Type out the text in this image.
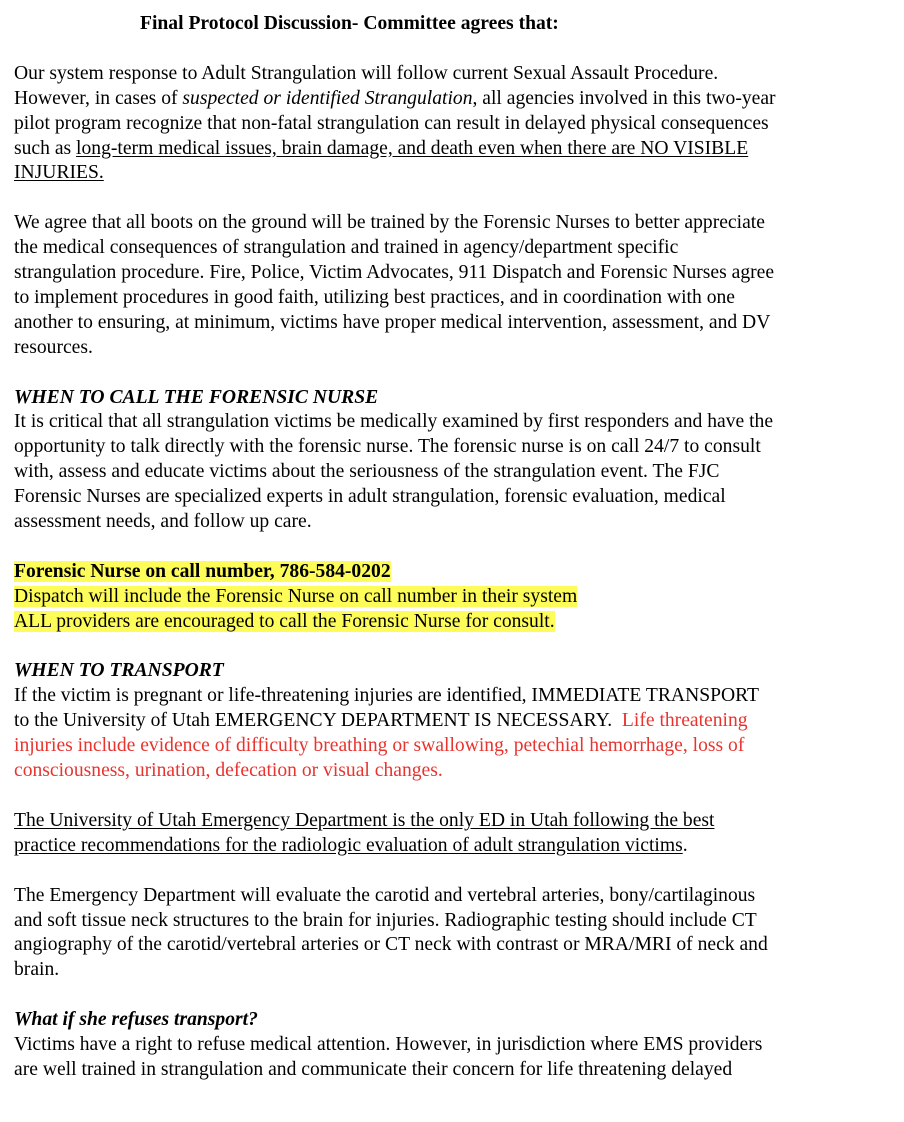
Final Protocol Discussion- Committee agrees that:
Our system response to Adult Strangulation will follow current Sexual Assault Procedure.
However, in cases of suspected or identified Strangulation, all agencies involved in this two-year
pilot program recognize that non-fatal strangulation can result in delayed physical consequences
such as long-term medical issues, brain damage, and death even when there are NO VISIBLE
INJURIES.
We agree that all boots on the ground will be trained by the Forensic Nurses to better appreciate
the medical consequences of strangulation and trained in agency/department specific
strangulation procedure. Fire, Police, Victim Advocates, 911 Dispatch and Forensic Nurses agree
to implement procedures in good faith, utilizing best practices, and in coordination with one
another to ensuring, at minimum, victims have proper medical intervention, assessment, and DV
resources.
WHEN TO CALL THE FORENSIC NURSE
It is critical that all strangulation victims be medically examined by first responders and have the
opportunity to talk directly with the forensic nurse. The forensic nurse is on call 24/7 to consult
with, assess and educate victims about the seriousness of the strangulation event. The FJC
Forensic Nurses are specialized experts in adult strangulation, forensic evaluation, medical
assessment needs, and follow up care.
Forensic Nurse on call number, 786-584-0202
Dispatch will include the Forensic Nurse on call number in their system
ALL providers are encouraged to call the Forensic Nurse for consult.
WHEN TO TRANSPORT
If the victim is pregnant or life-threatening injuries are identified, IMMEDIATE TRANSPORT
to the University of Utah EMERGENCY DEPARTMENT IS NECESSARY.  Life threatening
injuries include evidence of difficulty breathing or swallowing, petechial hemorrhage, loss of
consciousness, urination, defecation or visual changes.
The University of Utah Emergency Department is the only ED in Utah following the best
practice recommendations for the radiologic evaluation of adult strangulation victims.
The Emergency Department will evaluate the carotid and vertebral arteries, bony/cartilaginous
and soft tissue neck structures to the brain for injuries. Radiographic testing should include CT
angiography of the carotid/vertebral arteries or CT neck with contrast or MRA/MRI of neck and
brain.
What if she refuses transport?
Victims have a right to refuse medical attention. However, in jurisdiction where EMS providers
are well trained in strangulation and communicate their concern for life threatening delayed
